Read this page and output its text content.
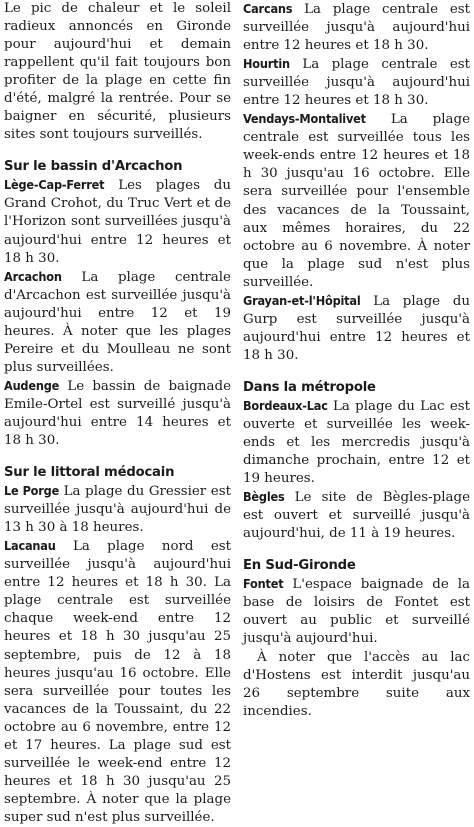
Le pic de chaleur et le soleil radieux annoncés en Gironde pour aujourd'hui et demain rappellent qu'il fait toujours bon profiter de la plage en cette fin d'été, malgré la rentrée. Pour se baigner en sécurité, plusieurs sites sont toujours surveillés.

Sur le bassin d'Arcachon

Lège-Cap-Ferret Les plages du Grand Crohot, du Truc Vert et de l'Horizon sont surveillées jusqu'à aujourd'hui entre 12 heures et 18 h 30.

Arcachon La plage centrale d'Arcachon est surveillée jusqu'à aujourd'hui entre 12 et 19 heures. À noter que les plages Pereire et du Moulleau ne sont plus surveillées.

Audenge Le bassin de baignade Emile-Ortel est surveillé jusqu'à aujourd'hui entre 14 heures et 18 h 30.

Sur le littoral médocain

Le Porge La plage du Gressier est surveillée jusqu'à aujourd'hui de 13 h 30 à 18 heures.

Lacanau La plage nord est surveillée jusqu'à aujourd'hui entre 12 heures et 18 h 30. La plage centrale est surveillée chaque week-end entre 12 heures et 18 h 30 jusqu'au 25 septembre, puis de 12 à 18 heures jusqu'au 16 octobre. Elle sera surveillée pour toutes les vacances de la Toussaint, du 22 octobre au 6 novembre, entre 12 et 17 heures. La plage sud est surveillée le week-end entre 12 heures et 18 h 30 jusqu'au 25 septembre. À noter que la plage super sud n'est plus surveillée.

Carcans La plage centrale est surveillée jusqu'à aujourd'hui entre 12 heures et 18 h 30.

Hourtin La plage centrale est surveillée jusqu'à aujourd'hui entre 12 heures et 18 h 30.

Vendays-Montalivet La plage centrale est surveillée tous les week-ends entre 12 heures et 18 h 30 jusqu'au 16 octobre. Elle sera surveillée pour l'ensemble des vacances de la Toussaint, aux mêmes horaires, du 22 octobre au 6 novembre. À noter que la plage sud n'est plus surveillée.

Grayan-et-l'Hôpital La plage du Gurp est surveillée jusqu'à aujourd'hui entre 12 heures et 18 h 30.

Dans la métropole

Bordeaux-Lac La plage du Lac est ouverte et surveillée les week-ends et les mercredis jusqu'à dimanche prochain, entre 12 et 19 heures.

Bègles Le site de Bègles-plage est ouvert et surveillé jusqu'à aujourd'hui, de 11 à 19 heures.

En Sud-Gironde

Fontet L'espace baignade de la base de loisirs de Fontet est ouvert au public et surveillé jusqu'à aujourd'hui.

À noter que l'accès au lac d'Hostens est interdit jusqu'au 26 septembre suite aux incendies.
